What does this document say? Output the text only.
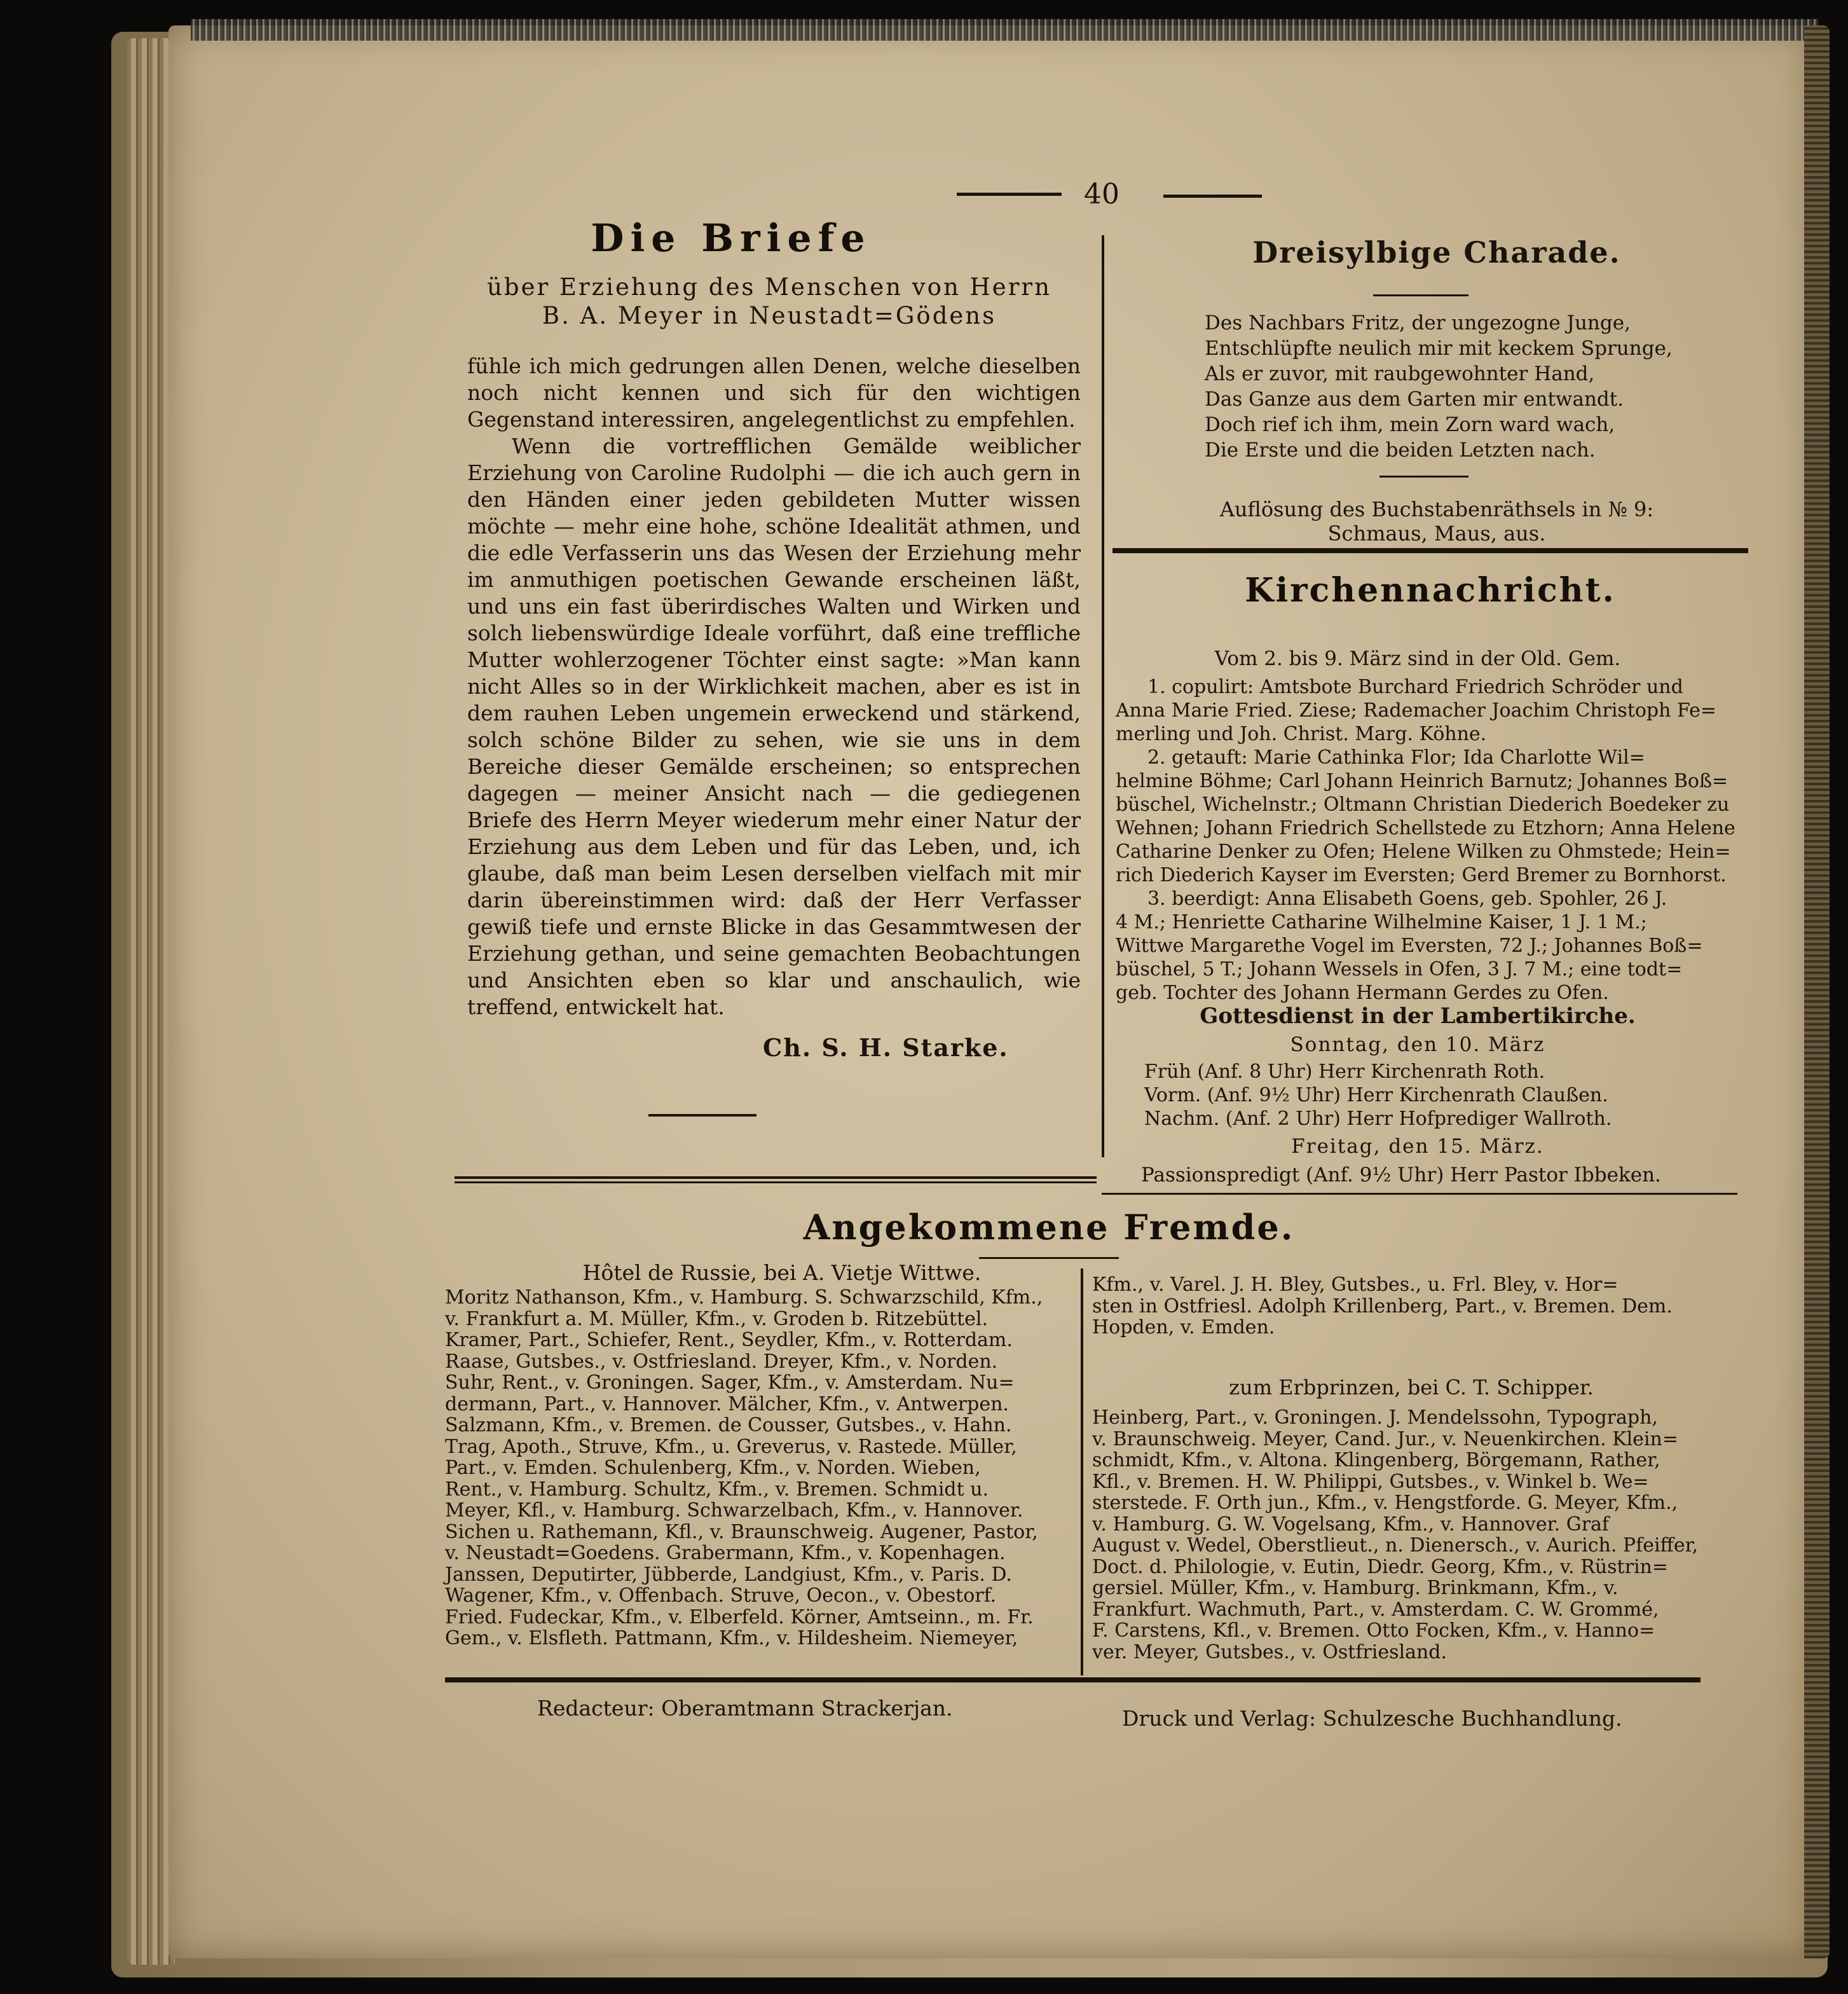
40
Die Briefe
über Erziehung des Menschen von Herrn
B. A. Meyer in Neustadt=Gödens

fühle ich mich gedrungen allen Denen, welche dieselben noch nicht kennen und sich für den wichtigen Gegenstand interessiren, angelegentlichst zu empfehlen.

Wenn die vortrefflichen Gemälde weiblicher Erziehung von Caroline Rudolphi — die ich auch gern in den Händen einer jeden gebildeten Mutter wissen möchte — mehr eine hohe, schöne Idealität athmen, und die edle Verfasserin uns das Wesen der Erziehung mehr im anmuthigen poetischen Gewande erscheinen läßt, und uns ein fast überirdisches Walten und Wirken und solch liebenswürdige Ideale vorführt, daß eine treffliche Mutter wohlerzogener Töchter einst sagte: »Man kann nicht Alles so in der Wirklichkeit machen, aber es ist in dem rauhen Leben ungemein erweckend und stärkend, solch schöne Bilder zu sehen, wie sie uns in dem Bereiche dieser Gemälde erscheinen; so entsprechen dagegen — meiner Ansicht nach — die gediegenen Briefe des Herrn Meyer wiederum mehr einer Natur der Erziehung aus dem Leben und für das Leben, und, ich glaube, daß man beim Lesen derselben vielfach mit mir darin übereinstimmen wird: daß der Herr Verfasser gewiß tiefe und ernste Blicke in das Gesammtwesen der Erziehung gethan, und seine gemachten Beobachtungen und Ansichten eben so klar und anschaulich, wie treffend, entwickelt hat.

Ch. S. H. Starke.
Dreisylbige Charade.

Des Nachbars Fritz, der ungezogne Junge,

Entschlüpfte neulich mir mit keckem Sprunge,

Als er zuvor, mit raubgewohnter Hand,

Das Ganze aus dem Garten mir entwandt.

Doch rief ich ihm, mein Zorn ward wach,

Die Erste und die beiden Letzten nach.

Auflösung des Buchstabenräthsels in № 9:
Schmaus, Maus, aus.
Kirchennachricht.
Vom 2. bis 9. März sind in der Old. Gem.
1. copulirt: Amtsbote Burchard Friedrich Schröder und
Anna Marie Fried. Ziese; Rademacher Joachim Christoph Fe=
merling und Joh. Christ. Marg. Köhne.
2. getauft: Marie Cathinka Flor; Ida Charlotte Wil=
helmine Böhme; Carl Johann Heinrich Barnutz; Johannes Boß=
büschel, Wichelnstr.; Oltmann Christian Diederich Boedeker zu
Wehnen; Johann Friedrich Schellstede zu Etzhorn; Anna Helene
Catharine Denker zu Ofen; Helene Wilken zu Ohmstede; Hein=
rich Diederich Kayser im Eversten; Gerd Bremer zu Bornhorst.
3. beerdigt: Anna Elisabeth Goens, geb. Spohler, 26 J.
4 M.; Henriette Catharine Wilhelmine Kaiser, 1 J. 1 M.;
Wittwe Margarethe Vogel im Eversten, 72 J.; Johannes Boß=
büschel, 5 T.; Johann Wessels in Ofen, 3 J. 7 M.; eine todt=
geb. Tochter des Johann Hermann Gerdes zu Ofen.
Gottesdienst in der Lambertikirche.
Sonntag, den 10. März
Früh (Anf. 8 Uhr) Herr Kirchenrath Roth.
Vorm. (Anf. 9½ Uhr) Herr Kirchenrath Claußen.
Nachm. (Anf. 2 Uhr) Herr Hofprediger Wallroth.
Freitag, den 15. März.
Passionspredigt (Anf. 9½ Uhr) Herr Pastor Ibbeken.
Angekommene Fremde.
Hôtel de Russie, bei A. Vietje Wittwe.
Moritz Nathanson, Kfm., v. Hamburg. S. Schwarzschild, Kfm.,
v. Frankfurt a. M. Müller, Kfm., v. Groden b. Ritzebüttel.
Kramer, Part., Schiefer, Rent., Seydler, Kfm., v. Rotterdam.
Raase, Gutsbes., v. Ostfriesland. Dreyer, Kfm., v. Norden.
Suhr, Rent., v. Groningen. Sager, Kfm., v. Amsterdam. Nu=
dermann, Part., v. Hannover. Mälcher, Kfm., v. Antwerpen.
Salzmann, Kfm., v. Bremen. de Cousser, Gutsbes., v. Hahn.
Trag, Apoth., Struve, Kfm., u. Greverus, v. Rastede. Müller,
Part., v. Emden. Schulenberg, Kfm., v. Norden. Wieben,
Rent., v. Hamburg. Schultz, Kfm., v. Bremen. Schmidt u.
Meyer, Kfl., v. Hamburg. Schwarzelbach, Kfm., v. Hannover.
Sichen u. Rathemann, Kfl., v. Braunschweig. Augener, Pastor,
v. Neustadt=Goedens. Grabermann, Kfm., v. Kopenhagen.
Janssen, Deputirter, Jübberde, Landgiust, Kfm., v. Paris. D.
Wagener, Kfm., v. Offenbach. Struve, Oecon., v. Obestorf.
Fried. Fudeckar, Kfm., v. Elberfeld. Körner, Amtseinn., m. Fr.
Gem., v. Elsfleth. Pattmann, Kfm., v. Hildesheim. Niemeyer,
Kfm., v. Varel. J. H. Bley, Gutsbes., u. Frl. Bley, v. Hor=
sten in Ostfriesl. Adolph Krillenberg, Part., v. Bremen. Dem.
Hopden, v. Emden.
zum Erbprinzen, bei C. T. Schipper.
Heinberg, Part., v. Groningen. J. Mendelssohn, Typograph,
v. Braunschweig. Meyer, Cand. Jur., v. Neuenkirchen. Klein=
schmidt, Kfm., v. Altona. Klingenberg, Börgemann, Rather,
Kfl., v. Bremen. H. W. Philippi, Gutsbes., v. Winkel b. We=
sterstede. F. Orth jun., Kfm., v. Hengstforde. G. Meyer, Kfm.,
v. Hamburg. G. W. Vogelsang, Kfm., v. Hannover. Graf
August v. Wedel, Oberstlieut., n. Dienersch., v. Aurich. Pfeiffer,
Doct. d. Philologie, v. Eutin, Diedr. Georg, Kfm., v. Rüstrin=
gersiel. Müller, Kfm., v. Hamburg. Brinkmann, Kfm., v.
Frankfurt. Wachmuth, Part., v. Amsterdam. C. W. Grommé,
F. Carstens, Kfl., v. Bremen. Otto Focken, Kfm., v. Hanno=
ver. Meyer, Gutsbes., v. Ostfriesland.
Redacteur: Oberamtmann Strackerjan.	Druck und Verlag: Schulzesche Buchhandlung.
